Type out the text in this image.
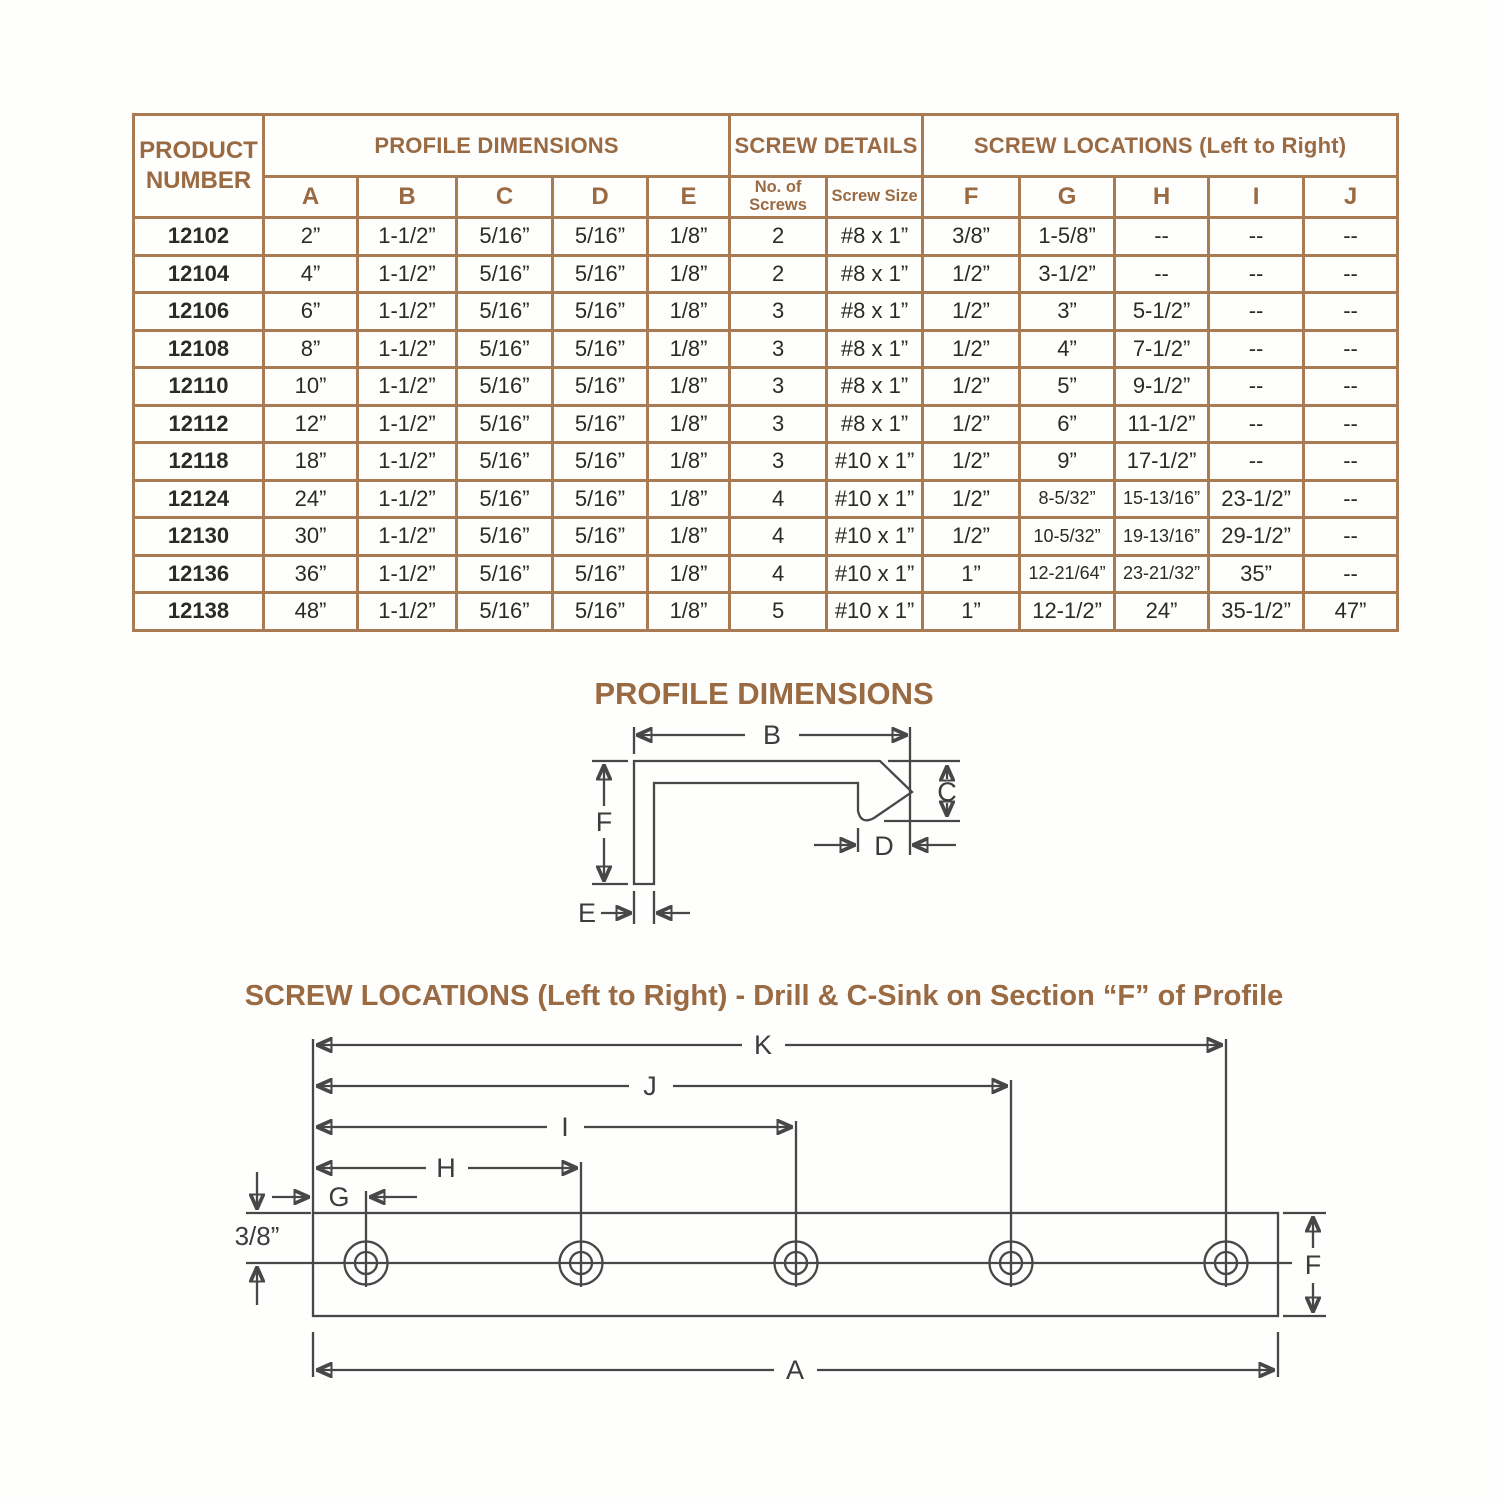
PRODUCT
NUMBER	PROFILE DIMENSIONS					SCREW DETAILS		SCREW LOCATIONS (Left to Right)				
	A	B	C	D	E	No. of Screws	Screw Size	F	G	H	I	J
12102	2”	1-1/2”	5/16”	5/16”	1/8”	2	#8 x 1”	3/8”	1-5/8”	--	--	--
12104	4”	1-1/2”	5/16”	5/16”	1/8”	2	#8 x 1”	1/2”	3-1/2”	--	--	--
12106	6”	1-1/2”	5/16”	5/16”	1/8”	3	#8 x 1”	1/2”	3”	5-1/2”	--	--
12108	8”	1-1/2”	5/16”	5/16”	1/8”	3	#8 x 1”	1/2”	4”	7-1/2”	--	--
12110	10”	1-1/2”	5/16”	5/16”	1/8”	3	#8 x 1”	1/2”	5”	9-1/2”	--	--
12112	12”	1-1/2”	5/16”	5/16”	1/8”	3	#8 x 1”	1/2”	6”	11-1/2”	--	--
12118	18”	1-1/2”	5/16”	5/16”	1/8”	3	#10 x 1”	1/2”	9”	17-1/2”	--	--
12124	24”	1-1/2”	5/16”	5/16”	1/8”	4	#10 x 1”	1/2”	8-5/32”	15-13/16”	23-1/2”	--
12130	30”	1-1/2”	5/16”	5/16”	1/8”	4	#10 x 1”	1/2”	10-5/32”	19-13/16”	29-1/2”	--
12136	36”	1-1/2”	5/16”	5/16”	1/8”	4	#10 x 1”	1”	12-21/64”	23-21/32”	35”	--
12138	48”	1-1/2”	5/16”	5/16”	1/8”	5	#10 x 1”	1”	12-1/2”	24”	35-1/2”	47”
PROFILE DIMENSIONS
B
C
D
F
E
SCREW LOCATIONS (Left to Right) - Drill & C-Sink on Section “F” of Profile
K
J
I
H
G
3/8”
F
A
